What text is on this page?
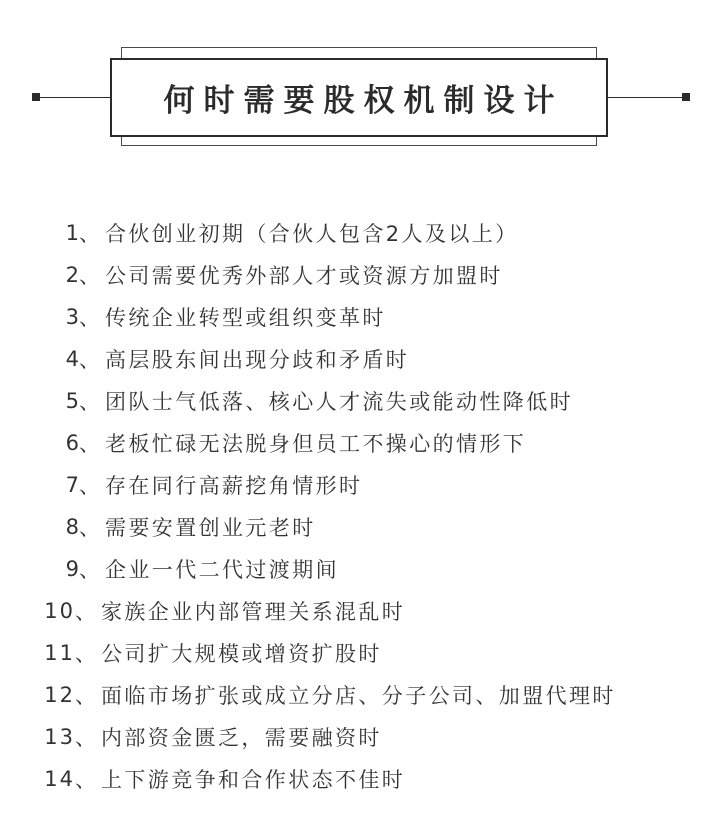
何时需要股权机制设计
1 、 合伙创业初期（合伙人包含2人及以上）
2 、 公司需要优秀外部人才或资源方加盟时
3 、 传统企业转型或组织变革时
4 、 高层股东间出现分歧和矛盾时
5 、 团队士气低落、核心人才流失或能动性降低时
6 、 老板忙碌无法脱身但员工不操心的情形下
7 、 存在同行高薪挖角情形时
8 、 需要安置创业元老时
9 、 企业一代二代过渡期间
10 、 家族企业内部管理关系混乱时
11 、 公司扩大规模或增资扩股时
12 、 面临市场扩张或成立分店、分子公司、加盟代理时
13 、 内部资金匮乏，需要融资时
14 、 上下游竞争和合作状态不佳时
